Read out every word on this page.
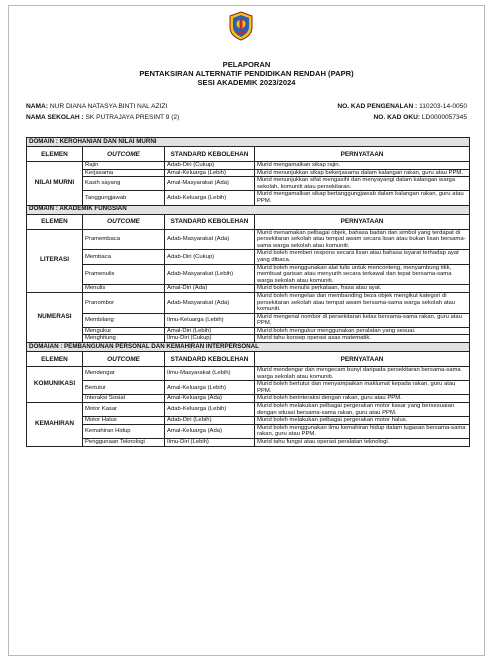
PELAPORAN
PENTAKSIRAN ALTERNATIF PENDIDIKAN RENDAH (PAPR)
SESI AKADEMIK 2023/2024
NAMA: NUR DIANA NATASYA BINTI NAL AZIZI
NAMA SEKOLAH : SK PUTRAJAYA PRESINT 9 (2)
NO. KAD PENGENALAN : 110203-14-0050
NO. KAD OKU: LD0000057345
DOMAIN : KEROHANIAN DAN NILAI MURNI			
ELEMEN	OUTCOME	STANDARD KEBOLEHAN	PERNYATAAN
NILAI MURNI	Rajin	Adab-Diri (Cukup)	Murid mengamalkan sikap rajin.
	Kerjasama	Amal-Keluarga (Lebih)	Murid menunjukkan sikap bekerjasama dalam kalangan rakan, guru atau PPM.
	Kasih sayang	Amal-Masyarakat (Ada)	Murid menunjukkan sifat mengasihi dan menyayangi dalam kalangan warga sekolah, komuniti atau persekitaran.
	Tanggungjawab	Adab-Keluarga (Lebih)	Murid mengamalkan sikap bertanggungjawab dalam kalangan rakan, guru atau PPM.
DOMAIN : AKADEMIK FUNGSIAN			
ELEMEN	OUTCOME	STANDARD KEBOLEHAN	PERNYATAAN
LITERASI	Pramembaca	Adab-Masyarakat (Ada)	Murid menamakan pelbagai objek, bahasa badan dan simbol yang terdapat di persekitaran sekolah atau tempat awam secara lisan atau bukan lisan bersama-sama warga sekolah atau komuniti.
	Membaca	Adab-Diri (Cukup)	Murid boleh memberi respons secara lisan atau bahasa isyarat terhadap ayat yang dibaca.
	Pramenulis	Adab-Masyarakat (Lebih)	Murid boleh menggunakan alat tulis untuk menconteng, menyambung titik, membuat garisan atau menyurih secara terkawal dan tepat bersama-sama warga sekolah atau komuniti.
	Menulis	Amal-Diri (Ada)	Murid boleh menulis perkataan, frasa atau ayat.
NUMERASI	Pranombor	Adab-Masyarakat (Ada)	Murid boleh mengelas dan membanding beza objek mengikut kategori di persekitaran sekolah atau tempat awam bersama-sama warga sekolah atau komuniti.
	Membilang	Ilmu-Keluarga (Lebih)	Murid mengenal nombor di persekitaran kelas bersama-sama rakan, guru atau PPM.
	Mengukur	Amal-Diri (Lebih)	Murid boleh mengukur menggunakan peralatan yang sesuai.
	Menghitung	Ilmu-Diri (Cukup)	Murid tahu konsep operasi asas matematik.
DOMAIAN : PEMBANGUNAN PERSONAL DAN KEMAHIRAN INTERPERSONAL			
ELEMEN	OUTCOME	STANDARD KEBOLEHAN	PERNYATAAN
KOMUNIKASI	Mendengar	Ilmu-Masyarakat (Lebih)	Murid mendengar dan mengecam bunyi daripada persekitaran bersama-sama warga sekolah atau komuniti.
	Bertutur	Amal-Keluarga (Lebih)	Murid boleh bertutur dan menyampaikan maklumat kepada rakan, guru atau PPM.
	Interaksi Sosial	Amal-Keluarga (Ada)	Murid boleh berinteraksi dengan rakan, guru atau PPM.
KEMAHIRAN	Motor Kasar	Adab-Keluarga (Lebih)	Murid boleh melakukan pelbagai pergerakan motor kasar yang bersesuaian dengan situasi bersama-sama rakan, guru atau PPM.
	Motor Halus	Adab-Diri (Lebih)	Murid boleh melakukan pelbagai pergerakan motor halus.
	Kemahiran Hidup	Amal-Keluarga (Ada)	Murid boleh menggunakan ilmu kemahiran hidup dalam tugasan bersama-sama rakan, guru atau PPM.
	Penggunaan Teknologi	Ilmu-Diri (Lebih)	Murid tahu fungsi atau operasi peralatan teknologi.
